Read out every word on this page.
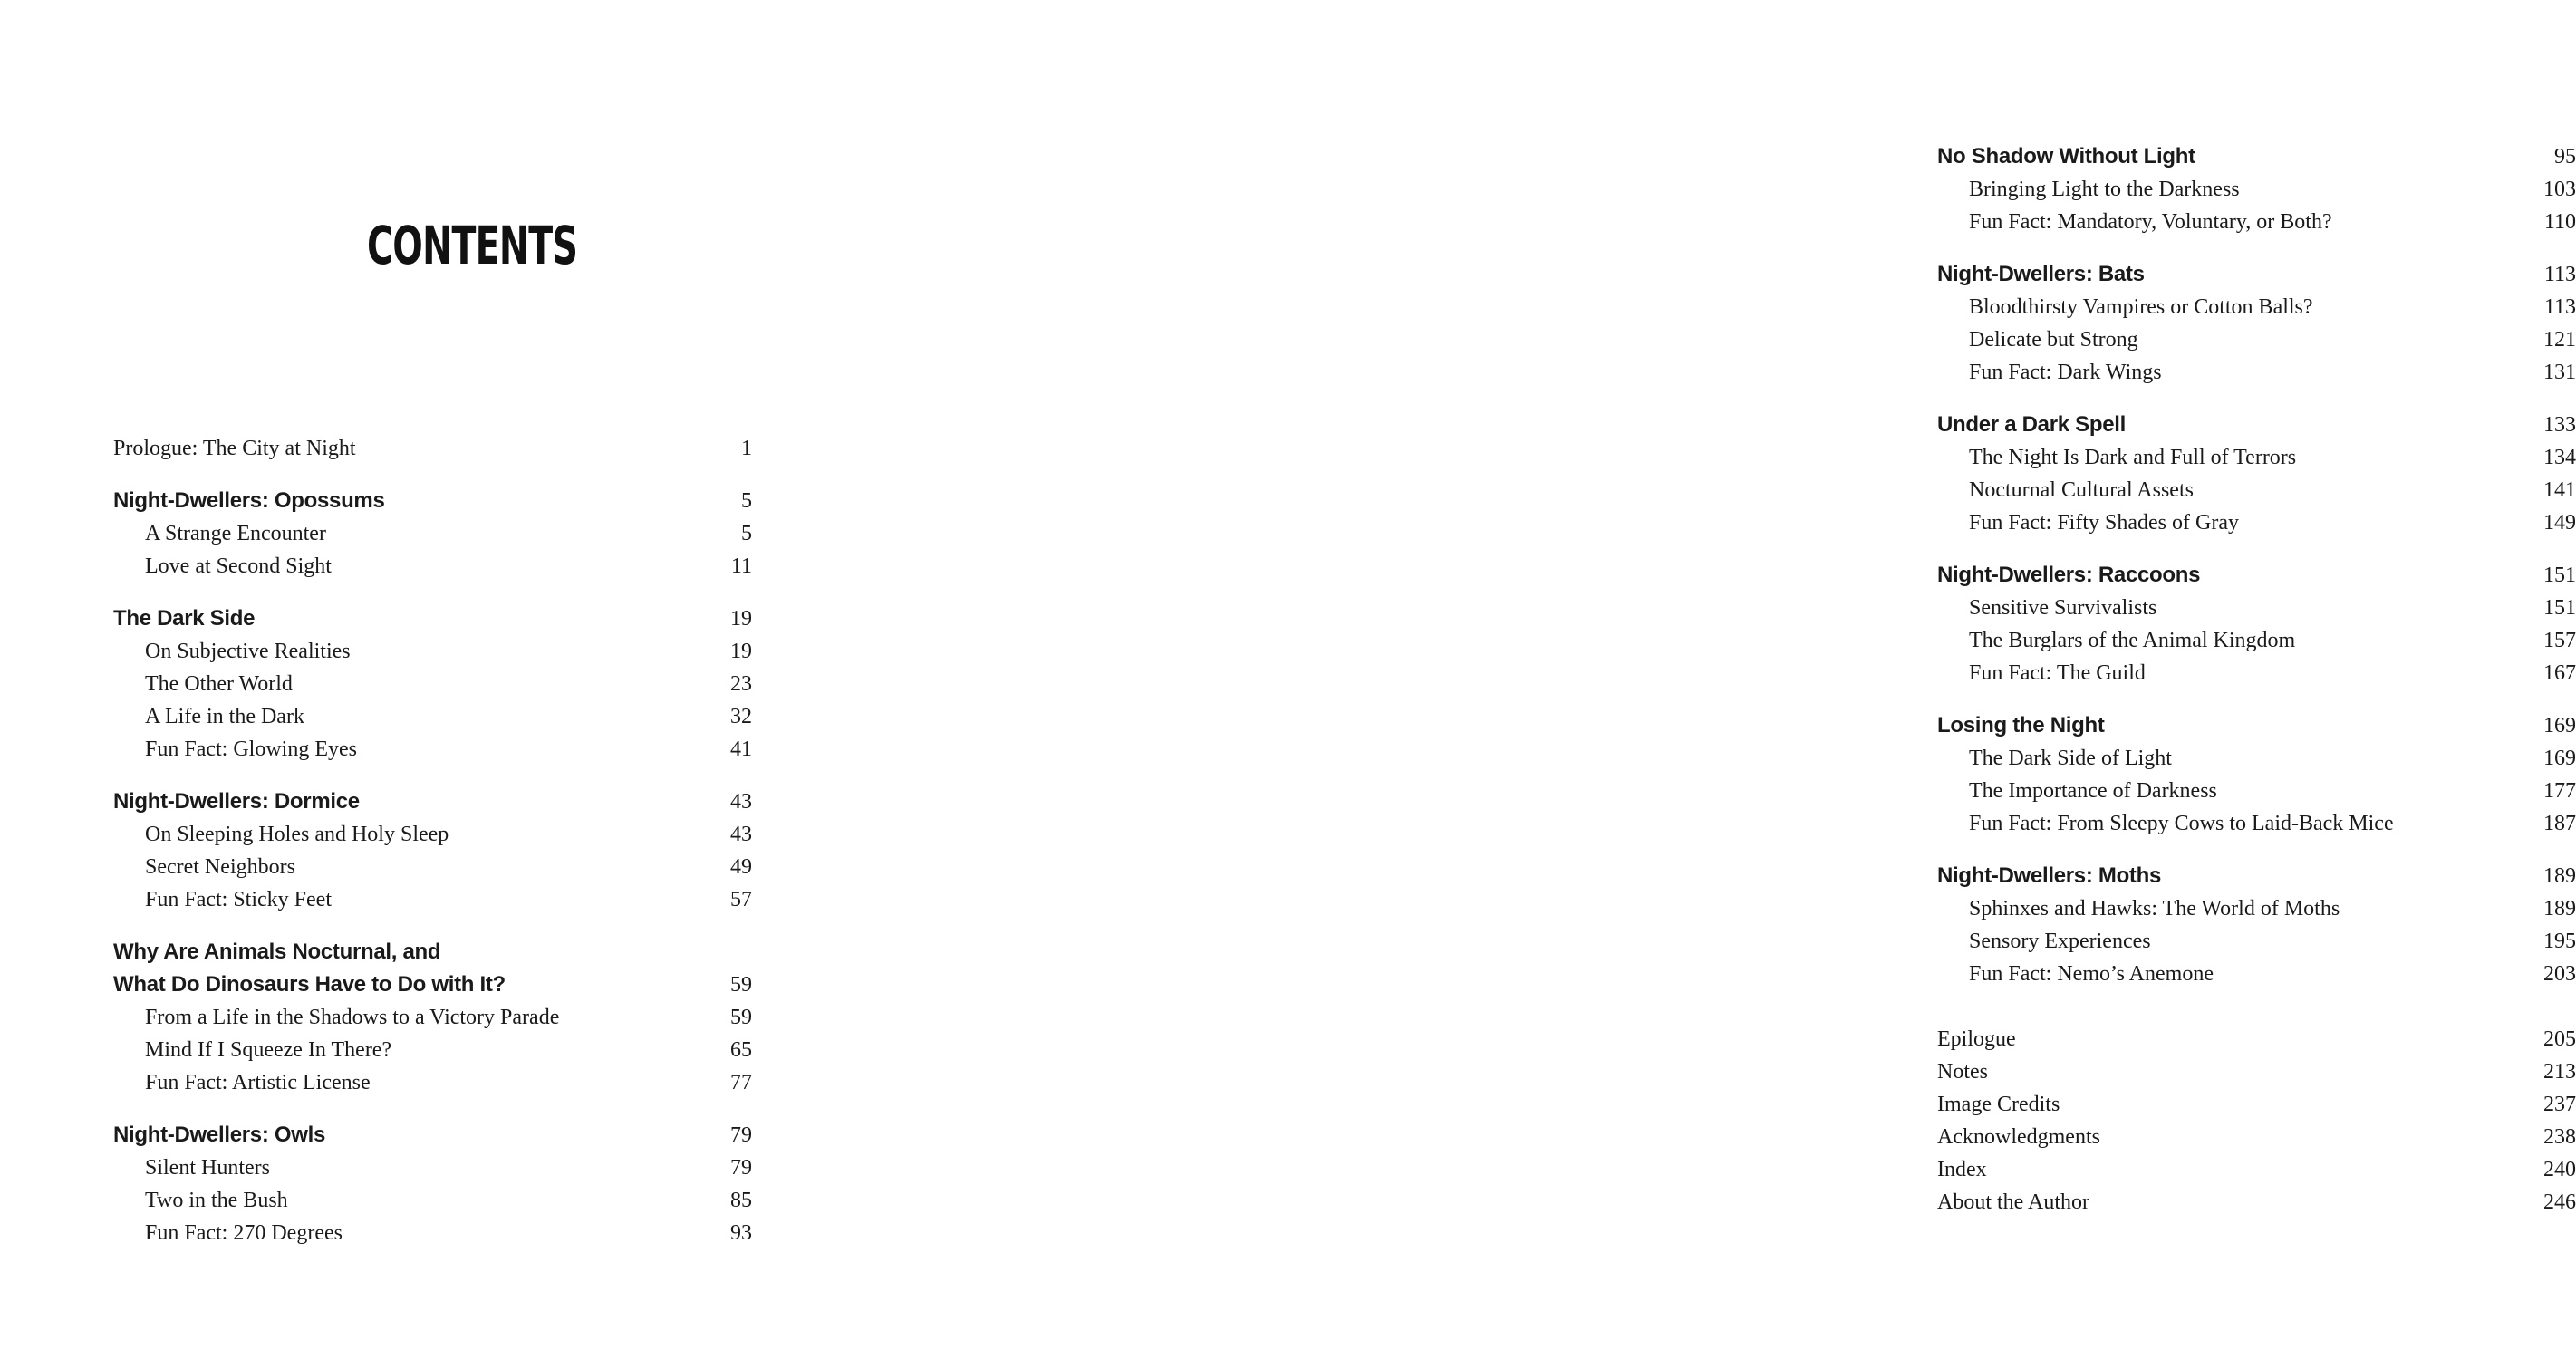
CONTENTS
Prologue: The City at Night	1
Night-Dwellers: Opossums	5
A Strange Encounter	5
Love at Second Sight	11
The Dark Side	19
On Subjective Realities	19
The Other World	23
A Life in the Dark	32
Fun Fact: Glowing Eyes	41
Night-Dwellers: Dormice	43
On Sleeping Holes and Holy Sleep	43
Secret Neighbors	49
Fun Fact: Sticky Feet	57
Why Are Animals Nocturnal, and
What Do Dinosaurs Have to Do with It?	59
From a Life in the Shadows to a Victory Parade	59
Mind If I Squeeze In There?	65
Fun Fact: Artistic License	77
Night-Dwellers: Owls	79
Silent Hunters	79
Two in the Bush	85
Fun Fact: 270 Degrees	93
No Shadow Without Light	95
Bringing Light to the Darkness	103
Fun Fact: Mandatory, Voluntary, or Both?	110
Night-Dwellers: Bats	113
Bloodthirsty Vampires or Cotton Balls?	113
Delicate but Strong	121
Fun Fact: Dark Wings	131
Under a Dark Spell	133
The Night Is Dark and Full of Terrors	134
Nocturnal Cultural Assets	141
Fun Fact: Fifty Shades of Gray	149
Night-Dwellers: Raccoons	151
Sensitive Survivalists	151
The Burglars of the Animal Kingdom	157
Fun Fact: The Guild	167
Losing the Night	169
The Dark Side of Light	169
The Importance of Darkness	177
Fun Fact: From Sleepy Cows to Laid-Back Mice	187
Night-Dwellers: Moths	189
Sphinxes and Hawks: The World of Moths	189
Sensory Experiences	195
Fun Fact: Nemo’s Anemone	203
Epilogue	205
Notes	213
Image Credits	237
Acknowledgments	238
Index	240
About the Author	246
